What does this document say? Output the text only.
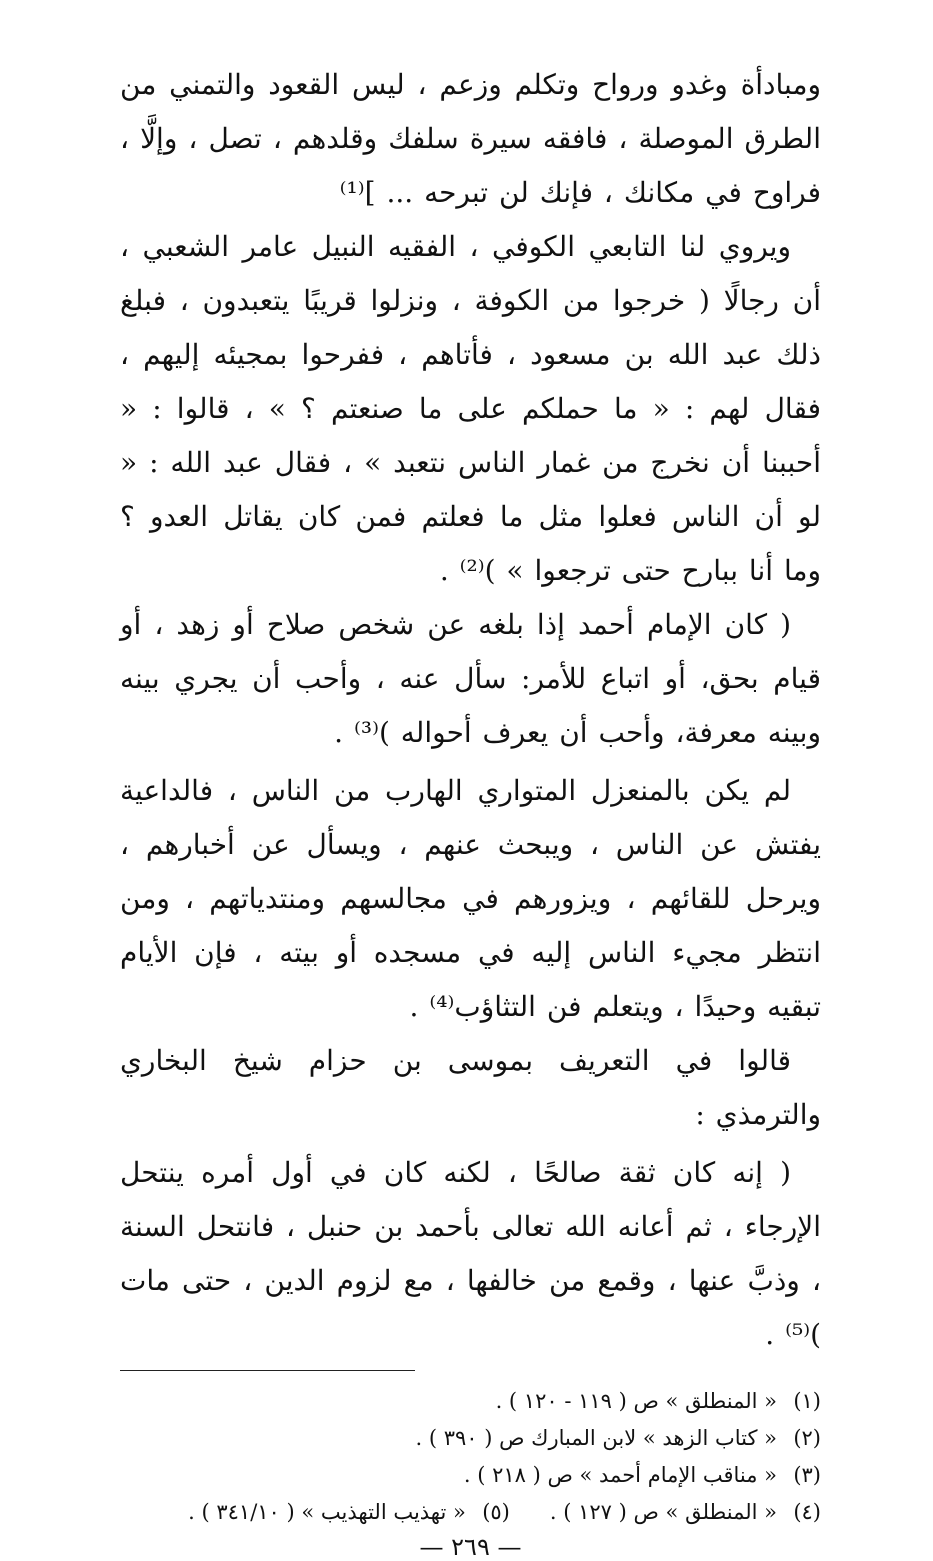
ومبادأة وغدو ورواح وتكلم وزعم ، ليس القعود والتمني من الطرق الموصلة ، فافقه سيرة سلفك وقلدهم ، تصل ، وإلَّا ، فراوح في مكانك ، فإنك لن تبرحه ... ]⁽¹⁾

ويروي لنا التابعي الكوفي ، الفقيه النبيل عامر الشعبي ، أن رجالًا ( خرجوا من الكوفة ، ونزلوا قريبًا يتعبدون ، فبلغ ذلك عبد الله بن مسعود ، فأتاهم ، ففرحوا بمجيئه إليهم ، فقال لهم : « ما حملكم على ما صنعتم ؟ » ، قالوا : « أحببنا أن نخرج من غمار الناس نتعبد » ، فقال عبد الله : « لو أن الناس فعلوا مثل ما فعلتم فمن كان يقاتل العدو ؟ وما أنا ببارح حتى ترجعوا » )⁽²⁾ .

( كان الإمام أحمد إذا بلغه عن شخص صلاح أو زهد ، أو قيام بحق، أو اتباع للأمر: سأل عنه ، وأحب أن يجري بينه وبينه معرفة، وأحب أن يعرف أحواله )⁽³⁾ .

لم يكن بالمنعزل المتواري الهارب من الناس ، فالداعية يفتش عن الناس ، ويبحث عنهم ، ويسأل عن أخبارهم ، ويرحل للقائهم ، ويزورهم في مجالسهم ومنتدياتهم ، ومن انتظر مجيء الناس إليه في مسجده أو بيته ، فإن الأيام تبقيه وحيدًا ، ويتعلم فن التثاؤب⁽⁴⁾ .

قالوا في التعريف بموسى بن حزام شيخ البخاري والترمذي :

( إنه كان ثقة صالحًا ، لكنه كان في أول أمره ينتحل الإرجاء ، ثم أعانه الله تعالى بأحمد بن حنبل ، فانتحل السنة ، وذبَّ عنها ، وقمع من خالفها ، مع لزوم الدين ، حتى مات )⁽⁵⁾ .

(١)« المنطلق » ص ( ١١٩ - ١٢٠ ) .

(٢)« كتاب الزهد » لابن المبارك ص ( ٣٩٠ ) .

(٣)« مناقب الإمام أحمد » ص ( ٢١٨ ) .

(٤)« المنطلق » ص ( ١٢٧ ) .(٥)« تهذيب التهذيب » ( ٣٤١/١٠ ) .

— ٢٦٩ —
